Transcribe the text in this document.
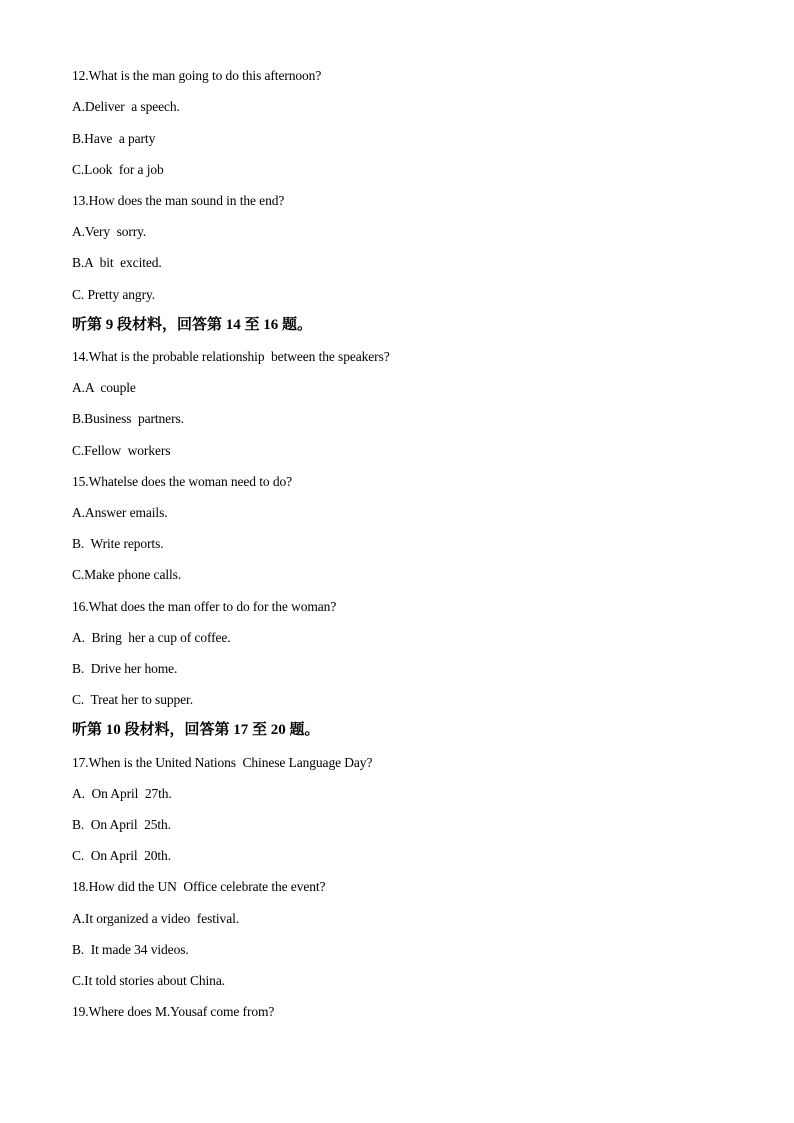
12.What is the man going to do this afternoon?
A.Deliver  a speech.
B.Have  a party
C.Look  for a job
13.How does the man sound in the end?
A.Very  sorry.
B.A  bit  excited.
C. Pretty angry.
听第 9 段材料，回答第 14 至 16 题。
14.What is the probable relationship  between the speakers?
A.A  couple
B.Business  partners.
C.Fellow  workers
15.Whatelse does the woman need to do?
A.Answer emails.
B.  Write reports.
C.Make phone calls.
16.What does the man offer to do for the woman?
A.  Bring  her a cup of coffee.
B.  Drive her home.
C.  Treat her to supper.
听第 10 段材料，回答第 17 至 20 题。
17.When is the United Nations  Chinese Language Day?
A.  On April  27th.
B.  On April  25th.
C.  On April  20th.
18.How did the UN  Office celebrate the event?
A.It organized a video  festival.
B.  It made 34 videos.
C.It told stories about China.
19.Where does M.Yousaf come from?
